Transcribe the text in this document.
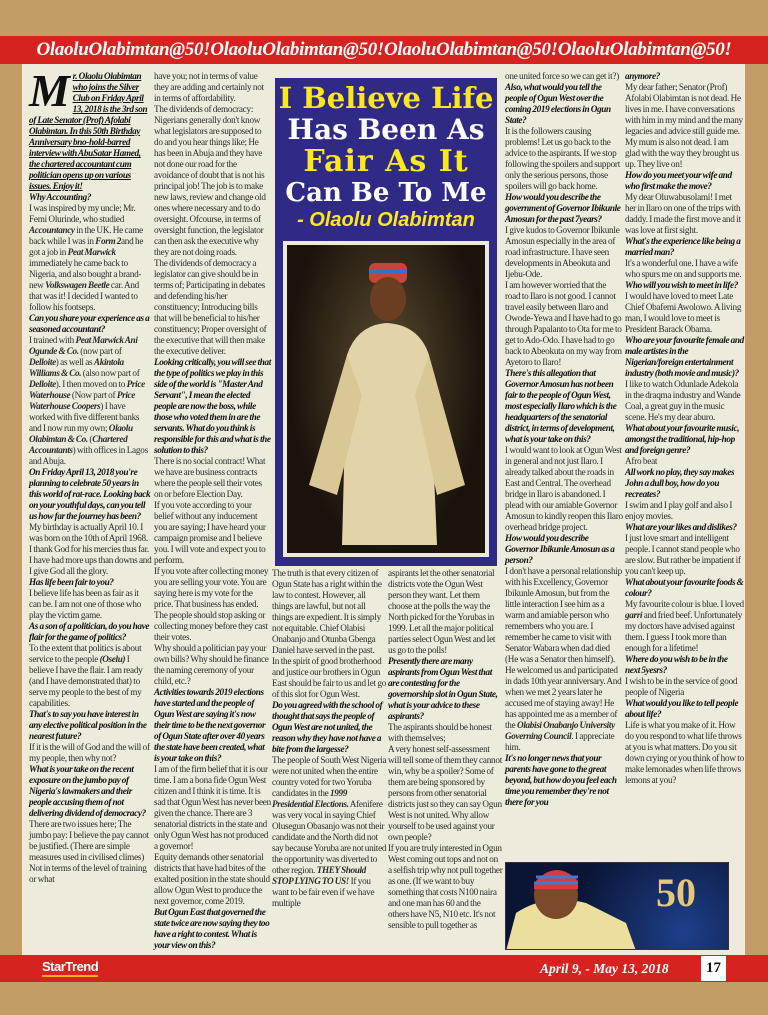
OlaoluOlabimtan@50!OlaoluOlabimtan@50!OlaoluOlabimtan@50!OlaoluOlabimtan@50!

Mr. Olaolu Olabimtan who joins the Silver Club on Friday April 13, 2018 is the 3rd son of Late Senator (Prof) Afolabi Olabimtan. In this 50th Birthday Anniversary bno-hold-barred interview with AbuSatar Hamed, the chartered accountant cum politician opens up on various issues. Enjoy it!

Why Accounting?

I was inspired by my uncle; Mr. Femi Olurinde, who studied Accountancy in the UK. He came back while I was in Form 2and he got a job in Peat Marwick immediately he came back to Nigeria, and also bought a brand-new Volkswagen Beetle car. And that was it! I decided I wanted to follow his footseps.

Can you share your experience as a seasoned accountant?

I trained with Peat Marwick Ani Ogunde & Co. (now part of Delloite) as well as Akintola Williams & Co. (also now part of Delloite). I then moved on to Price Waterhouse (Now part of Price Waterhouse Coopers) I have worked with five different banks and I now run my own; Olaolu Olabimtan & Co. (Chartered Accountants) with offices in Lagos and Abuja.

On Friday April 13, 2018 you're planning to celebrate 50 years in this world of rat-race. Looking back on your youthful days, can you tell us how far the journey has been?

My birthday is actually April 10. I was born on the 10th of April 1968. I thank God for his mercies thus far. I have had more ups than downs and I give God all the glory.

Has life been fair to you?

I believe life has been as fair as it can be. I am not one of those who play the victim game.

As a son of a politician, do you have flair for the game of politics?

To the extent that politics is about service to the people (Oselu) I believe I have the flair. I am ready (and I have demonstrated that) to serve my people to the best of my capabilities.

That's to say you have interest in any elective political position in the nearest future?

If it is the will of God and the will of my people, then why not?

What is your take on the recent exposure on the jumbo pay of Nigeria's lawmakers and their people accusing them of not delivering dividend of democracy?

There are two issues here; The jumbo pay: I believe the pay cannot be justified. (There are simple measures used in civilised climes) Not in terms of the level of training or what

have you; not in terms of value they are adding and certainly not in terms of affordability.

The dividends of democracy: Nigerians generally don't know what legislators are supposed to do and you hear things like; He has been in Abuja and they have not done our road for the avoidance of doubt that is not his principal job! The job is to make new laws, review and change old ones where necessary and to do oversight. Ofcourse, in terms of oversight function, the legislator can then ask the executive why they are not doing roads.

The dividends of democracy a legislator can give should be in terms of; Participating in debates and defending his/her constituency; Introducing bills that will be beneficial to his/her constituency; Proper oversight of the executive that will then make the executive deliver.

Looking critically, you will see that the type of politics we play in this side of the world is "Master And Servant", I mean the elected people are now the boss, while those who voted them in are the servants. What do you think is responsible for this and what is the solution to this?

There is no social contract! What we have are business contracts where the people sell their votes on or before Election Day.

If you vote according to your belief without any inducement you are saying; I have heard your campaign promise and I believe you. I will vote and expect you to perform.

If you vote after collecting money you are selling your vote. You are saying here is my vote for the price. That business has ended. The people should stop asking or collecting money before they cast their votes.

Why should a politician pay your own bills? Why should he finance the naming ceremony of your child, etc.?

Activities towards 2019 elections have started and the people of Ogun West are saying it's now their time to be the next governor of Ogun State after over 40 years the state have been created, what is your take on this?

I am of the firm belief that it is our time. I am a bona fide Ogun West citizen and I think it is time. It is sad that Ogun West has never been given the chance. There are 3 senatorial districts in the state and only Ogun West has not produced a governor!

Equity demands other senatorial districts that have had bites of the exalted position in the state should allow Ogun West to produce the next governor, come 2019.

But Ogun East that governed the state twice are now saying they too have a right to contest. What is your view on this?

The truth is that every citizen of Ogun State has a right within the law to contest. However, all things are lawful, but not all things are expedient. It is simply not equitable. Chief Olabisi Onabanjo and Otunba Gbenga Daniel have served in the past.

In the spirit of good brotherhood and justice our brothers in Ogun East should be fair to us and let go of this slot for Ogun West.

Do you agreed with the school of thought that says the people of Ogun West are not united, the reason why they have not have a bite from the largesse?

The people of South West Nigeria were not united when the entire country voted for two Yoruba candidates in the 1999 Presidential Elections. Afenifere was very vocal in saying Chief Olusegun Obasanjo was not their candidate and the North did not say because Yoruba are not united the opportunity was diverted to other region. THEY Should STOP LYING TO US! If you want to be fair even if we have multiple

aspirants let the other senatorial districts vote the Ogun West person they want. Let them choose at the polls the way the North picked for the Yorubas in 1999. Let all the major political parties select Ogun West and let us go to the polls!

Presently there are many aspirants from Ogun West that are contesting for the governorship slot in Ogun State, what is your advice to these aspirants?

The aspirants should be honest with themselves;

A very honest self-assessment will tell some of them they cannot win, why be a spoiler? Some of them are being sponsored by persons from other senatorial districts just so they can say Ogun West is not united. Why allow yourself to be used against your own people?

If you are truly interested in Ogun West coming out tops and not on a selfish trip why not pull together as one. (If we want to buy something that costs N100 naira and one man has 60 and the others have N5, N10 etc. It's not sensible to pull together as

one united force so we can get it?)

Also, what would you tell the people of Ogun West over the coming 2019 elections in Ogun State?

It is the followers causing problems! Let us go back to the advice to the aspirants. If we stop following the spoilers and support only the serious persons, those spoilers will go back home.

How would you describe the government of Governor Ibikunle Amosun for the past 7years?

I give kudos to Governor Ibikunle Amosun especially in the area of road infrastructure. I have seen developments in Abeokuta and Ijebu-Ode.

I am however worried that the road to Ilaro is not good. I cannot travel easily between Ilaro and Owode-Yewa and I have had to go through Papalanto to Ota for me to get to Ado-Odo. I have had to go back to Abeokuta on my way from Ayetoro to Ilaro!

There's this allegation that Governor Amosun has not been fair to the people of Ogun West, most especially Ilaro which is the headquarters of the senatorial district, in terms of development, what is your take on this?

I would want to look at Ogun West in general and not just Ilaro. I already talked about the roads in East and Central. The overhead bridge in Ilaro is abandoned. I plead with our amiable Governor Amosun to kindly reopen this Ilaro overhead bridge project.

How would you describe Governor Ibikunle Amosun as a person?

I don't have a personal relationship with his Excellency, Governor Ibikunle Amosun, but from the little interaction I see him as a warm and amiable person who remembers who you are. I remember he came to visit with Senator Wabara when dad died (He was a Senator then himself). He welcomed us and participated in dads 10th year anniversary. And when we met 2 years later he accused me of staying away! He has appointed me as a member of the Olabisi Onabanjo University Governing Council. I appreciate him.

It's no longer news that your parents have gone to the great beyond, but how do you feel each time you remember they're not there for you

anymore?

My dear father; Senator (Prof) Afolabi Olabimtan is not dead. He lives in me. I have conversations with him in my mind and the many legacies and advice still guide me. My mum is also not dead. I am glad with the way they brought us up. They live on!

How do you meet your wife and who first make the move?

My dear Oluwabusolami! I met her in Ilaro on one of the trips with daddy. I made the first move and it was love at first sight.

What's the experience like being a married man?

It's a wonderful one. I have a wife who spurs me on and supports me.

Who will you wish to meet in life?

I would have loved to meet Late Chief Obafemi Awolowo. A living man, I would love to meet is President Barack Obama.

Who are your favourite female and male artistes in the Nigerian/foreign entertainment industry (both movie and music)?

I like to watch Odunlade Adekola in the draqma industry and Wande Coal, a great guy in the music scene. He's my dear aburo.

What about your favourite music, amongst the traditional, hip-hop and foreign genre?

Afro beat

All work no play, they say makes John a dull boy, how do you recreates?

I swim and I play golf and also I enjoy movies.

What are your likes and dislikes?

I just love smart and intelligent people. I cannot stand people who are slow. But rather be impatient if you can't keep up.

What about your favourite foods & colour?

My favourite colour is blue. I loved garri and fried beef. Unfortunately my doctors have advised against them. I guess I took more than enough for a lifetime!

Where do you wish to be in the next 5yesrs?

I wish to be in the service of good people of Nigeria

What would you like to tell people about life?

Life is what you make of it. How do you respond to what life throws at you is what matters. Do you sit down crying or you think of how to make lemonades when life throws lemons at you?

I Believe Life
Has Been As
Fair As It
Can Be To Me
- Olaolu Olabimtan
50
StarTrend	April 9, - May 13, 2018	17
